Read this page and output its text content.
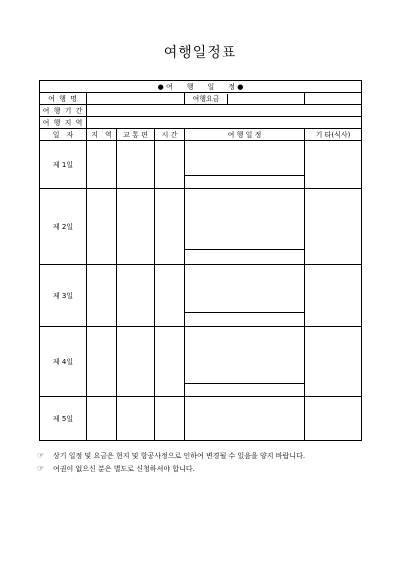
여행일정표
● 여　　행　　일　　정 ●					
여 행 명				여행요금	
여 행 기 간					
여 행 지 역					
일　자	지　역	교 통 편	시 간	여 행 일 정	기 타(식사)
제 1일				

제 2일				

제 3일				

제 4일				

제 5일					
☞	상기 일정 및 요금은 현지 및 항공사정으로 인하여 변경될 수 있음을 양지 바랍니다.
☞	여권이 없으신 분은 별도로 신청하셔야 합니다.
